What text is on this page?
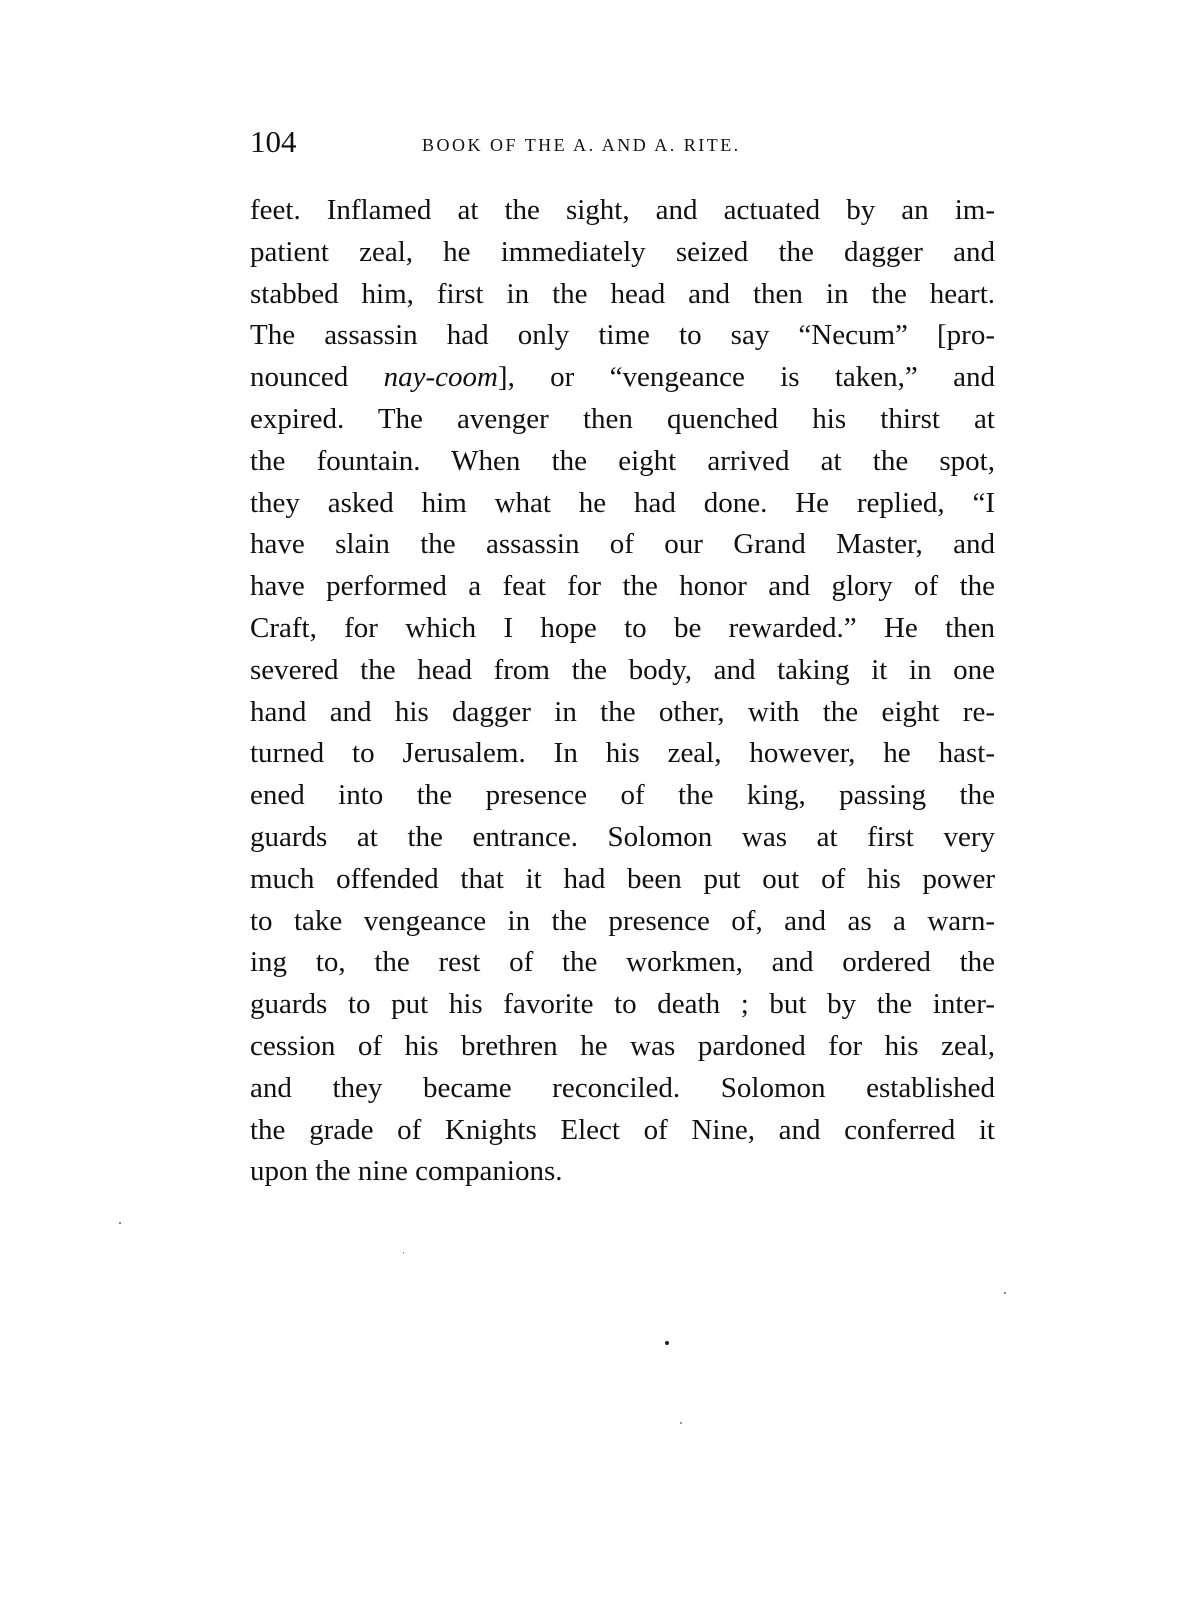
104	BOOK OF THE A. AND A. RITE.
feet. Inflamed at the sight, and actuated by an im-
patient zeal, he immediately seized the dagger and
stabbed him, first in the head and then in the heart.
The assassin had only time to say “Necum” [pro-
nounced nay-coom], or “vengeance is taken,” and
expired. The avenger then quenched his thirst at
the fountain. When the eight arrived at the spot,
they asked him what he had done. He replied, “I
have slain the assassin of our Grand Master, and
have performed a feat for the honor and glory of the
Craft, for which I hope to be rewarded.” He then
severed the head from the body, and taking it in one
hand and his dagger in the other, with the eight re-
turned to Jerusalem. In his zeal, however, he hast-
ened into the presence of the king, passing the
guards at the entrance. Solomon was at first very
much offended that it had been put out of his power
to take vengeance in the presence of, and as a warn-
ing to, the rest of the workmen, and ordered the
guards to put his favorite to death ; but by the inter-
cession of his brethren he was pardoned for his zeal,
and they became reconciled. Solomon established
the grade of Knights Elect of Nine, and conferred it
upon the nine companions.
